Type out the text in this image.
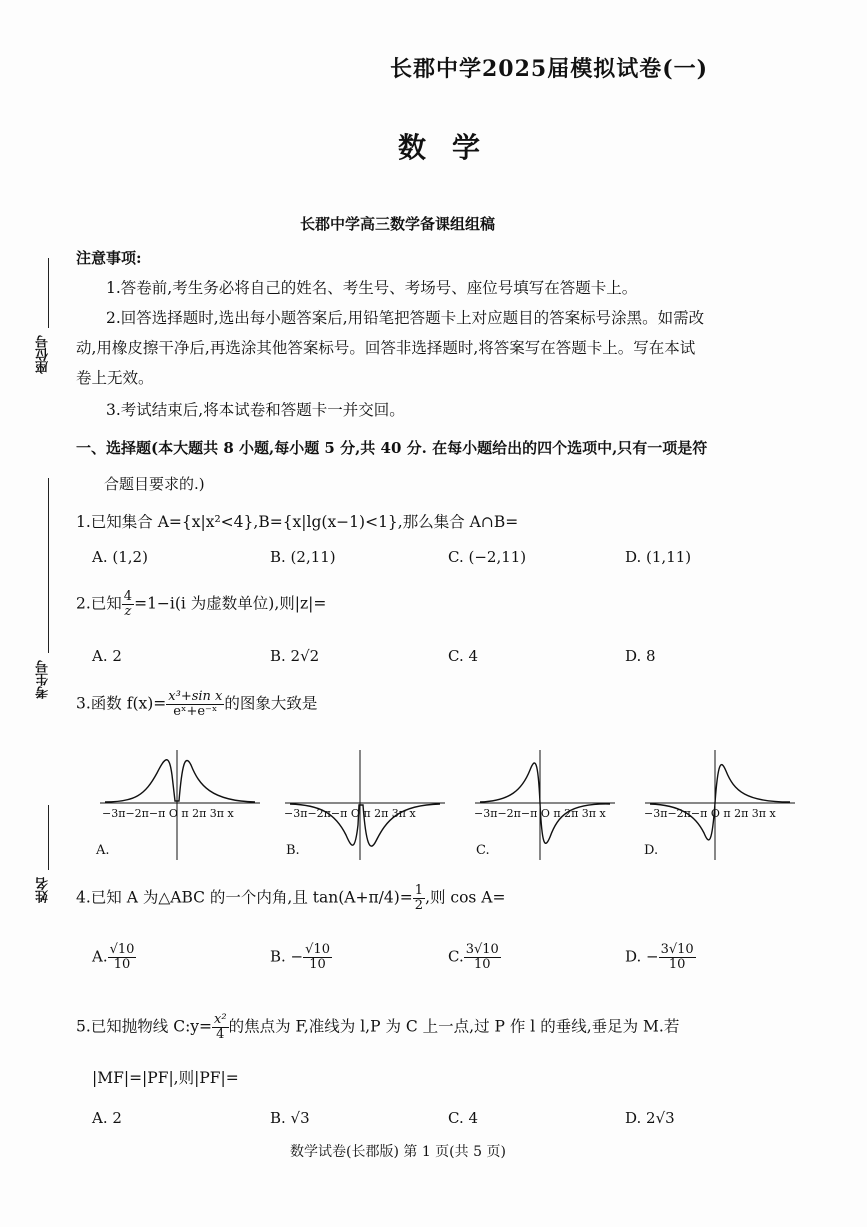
长郡中学2025届模拟试卷(一)
数学
长郡中学高三数学备课组组稿
座位号
考生号
姓名
注意事项:
1.答卷前,考生务必将自己的姓名、考生号、考场号、座位号填写在答题卡上。
2.回答选择题时,选出每小题答案后,用铅笔把答题卡上对应题目的答案标号涂黑。如需改
动,用橡皮擦干净后,再选涂其他答案标号。回答非选择题时,将答案写在答题卡上。写在本试
卷上无效。
3.考试结束后,将本试卷和答题卡一并交回。
一、选择题(本大题共 8 小题,每小题 5 分,共 40 分. 在每小题给出的四个选项中,只有一项是符
合题目要求的.)
1.已知集合 A={x|x²<4},B={x|lg(x−1)<1},那么集合 A∩B=
A. (1,2)	B. (2,11)	C. (−2,11)	D. (1,11)
2.已知 $\frac{4}{z} =1-i(i$ 为虚数单位),则|z|=
A. 2	B. 2√2	C. 4	D. 8
3.函数 $f(x)= \frac{\text{x³+sin x}}{\text{eˣ+e⁻ˣ}}$ 的图象大致是
−3π−2π−π O π 2π 3π x
A.
−3π−2π−π O π 2π 3π x
B.
−3π−2π−π O π 2π 3π x
C.
−3π−2π−π O π 2π 3π x
D.
4.已知 A 为△ABC 的一个内角,且 $\tan(A+\pi/4)= \frac{1}{2}$ ,则 cos A=
A. $\frac{√10}{10}$	B. − $\frac{√10}{10}$	C. $\frac{3√10}{10}$	D. − $\frac{3√10}{10}$
5.已知抛物线 C:y= $\frac{\text{x²}}{4}$ 的焦点为 F,准线为 l,P 为 C 上一点,过 P 作 l 的垂线,垂足为 M.若
|MF|=|PF|,则|PF|=
A. 2	B. √3	C. 4	D. 2√3
数学试卷(长郡版) 第 1 页(共 5 页)
